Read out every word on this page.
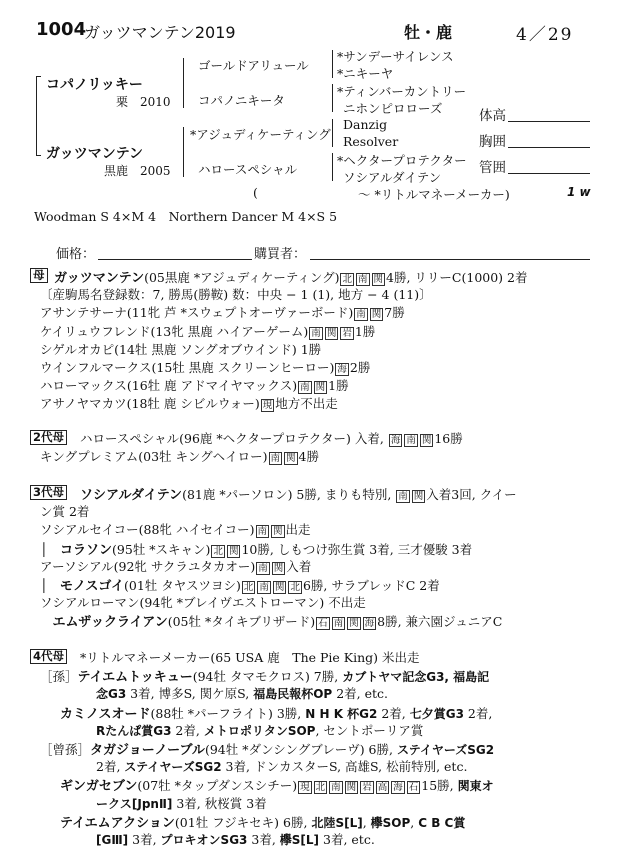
1004
ガッツマンテン2019	牡・鹿	4／29
コパノリッキー
栗　2010
ガッツマンテン
黒鹿　2005
ゴールドアリュール
コパノニキータ
*アジュディケーティング
ハロースペシャル
*サンデーサイレンス
*ニキーヤ
*ティンバーカントリー
ニホンピロローズ
Danzig
Resolver
*ヘクタープロテクター
ソシアルダイテン
(	〜 *リトルマネーメーカー)	1 w
Woodman S 4×M 4　Northern Dancer M 4×S 5
体高
胸囲
管囲
価格：	購買者：
母 ガッツマンテン(05黒鹿 *アジュディケーティング) 北 南 関 4勝, リリーC(1000) 2着
〔産駒馬名登録数：7, 勝馬(勝鞍) 数：中央 − 1 (1), 地方 − 4 (11)〕
アサンテサーナ(11牝 芦 *スウェプトオーヴァーボード) 南 関 7勝
ケイリュウフレンド(13牝 黒鹿 ハイアーゲーム) 南 関 岩 1勝
シゲルオカピ(14牡 黒鹿 ソングオブウインド) 1勝
ウインフルマークス(15牡 黒鹿 スクリーンヒーロー) 海 2勝
ハローマックス(16牡 鹿 アドマイヤマックス) 南 関 1勝
アサノヤマカツ(18牡 鹿 シビルウォー) 現 地方不出走
2代母 ハロースペシャル(96鹿 *ヘクタープロテクター) 入着, 海 南 関 16勝
キングプレミアム(03牡 キングヘイロー) 南 関 4勝
3代母 ソシアルダイテン(81鹿 *パーソロン) 5勝, まりも特別, 南 関 入着3回, クイー
ン賞 2着
ソシアルセイコー(88牝 ハイセイコー) 南 関 出走
│　コラソン(95牡 *スキャン) 北 関 10勝, しもつけ弥生賞 3着, 三才優駿 3着
アーソシアル(92牝 サクラユタカオー) 南 関 入着
│　モノスゴイ(01牡 タヤスツヨシ) 北 南 関 北 6勝, サラブレッドC 2着
ソシアルローマン(94牝 *ブレイヴエストローマン) 不出走
　エムザックライアン(05牡 *タイキブリザード) 石 南 関 海 8勝, 兼六園ジュニアC
4代母 *リトルマネーメーカー(65 USA 鹿　The Pie King) 米出走
［孫］テイエムトッキュー(94牡 タマモクロス) 7勝, カブトヤマ記念G3, 福島記
念G3 3着, 博多S, 関ケ原S, 福島民報杯OP 2着, etc.
カミノスオード(88牡 *パーフライト) 3勝, N H K 杯G2 2着, 七夕賞G3 2着,
Rたんぱ賞G3 2着, メトロポリタンSOP, セントポーリア賞
［曾孫］タガジョーノーブル(94牡 *ダンシングブレーヴ) 6勝, ステイヤーズSG2
2着, ステイヤーズSG2 3着, ドンカスターS, 高雄S, 松前特別, etc.
ギンガセブン(07牡 *タップダンスシチー) 現 北 南 関 岩 高 海 石 15勝, 関東オ
ークス[JpnⅡ] 3着, 秋桜賞 3着
テイエムアクション(01牡 フジキセキ) 6勝, 北陸S[L], 欅SOP, C B C賞
[GⅢ] 3着, プロキオンSG3 3着, 欅S[L] 3着, etc.
